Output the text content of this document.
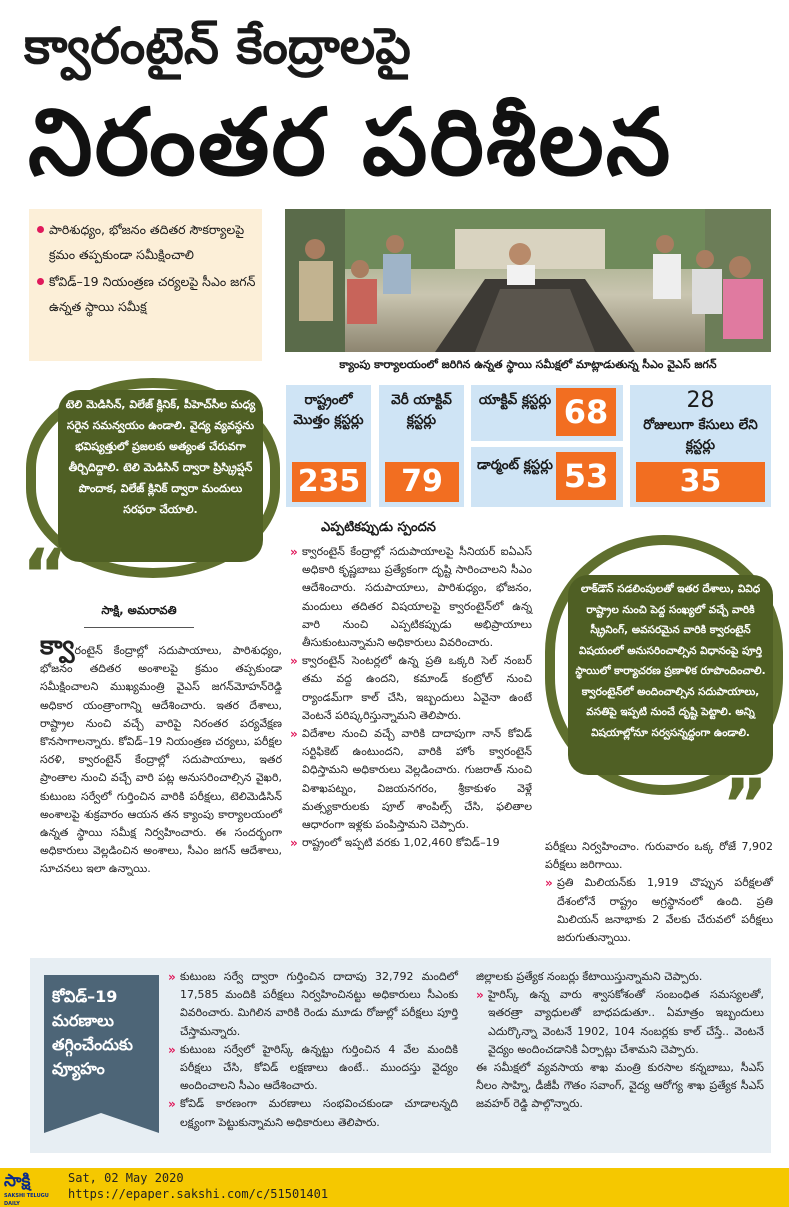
క్వారంటైన్ కేంద్రాలపై
నిరంతర పరిశీలన
పారిశుధ్యం, భోజనం తదితర సౌకర్యాలపై క్రమం తప్పకుండా సమీక్షించాలి
కోవిడ్‌–19 నియంత్రణ చర్యలపై సీఎం జగన్‌ ఉన్నత స్థాయి సమీక్ష
క్యాంపు కార్యాలయంలో జరిగిన ఉన్నత స్థాయి సమీక్షలో మాట్లాడుతున్న సీఎం వైఎస్‌ జగన్‌
రాష్ట్రంలో మొత్తం క్లస్టర్లు
235
వెరీ యాక్టివ్‌ క్లస్టర్లు
79
యాక్టివ్‌ క్లస్టర్లు 68
డార్మంట్‌ క్లస్టర్లు 53
28
రోజులుగా కేసులు లేని క్లస్టర్లు
35
టెలి మెడిసిన్, విలేజ్‌ క్లినిక్, పీహెచ్‌సీల మధ్య సరైన సమన్వయం ఉండాలి. వైద్య వ్యవస్థను భవిష్యత్తులో ప్రజలకు అత్యంత చేరువగా తీర్చిదిద్దాలి. టెలి మెడిసిన్‌ ద్వారా ప్రిస్క్రిప్షన్‌ పొందాక, విలేజ్‌ క్లినిక్‌ ద్వారా మందులు సరఫరా చేయాలి.
“	సాక్షి, అమరావతి
క్వారంటైన్‌ కేంద్రాల్లో సదుపాయాలు, పారిశుధ్యం, భోజనం తదితర అంశాలపై క్రమం తప్పకుండా సమీక్షించాలని ముఖ్యమంత్రి వైఎస్‌ జగన్‌మోహన్‌రెడ్డి అధికార యంత్రాంగాన్ని ఆదేశించారు. ఇతర దేశాలు, రాష్ట్రాల నుంచి వచ్చే వారిపై నిరంతర పర్యవేక్షణ కొనసాగాలన్నారు. కోవిడ్‌–19 నియంత్రణ చర్యలు, పరీక్షల సరళి, క్వారంటైన్‌ కేంద్రాల్లో సదుపాయాలు, ఇతర ప్రాంతాల నుంచి వచ్చే వారి పట్ల అనుసరించాల్సిన వైఖరి, కుటుంబ సర్వేలో గుర్తించిన వారికి పరీక్షలు, టెలిమెడిసిన్‌ అంశాలపై శుక్రవారం ఆయన తన క్యాంపు కార్యాలయంలో ఉన్నత స్థాయి సమీక్ష నిర్వహించారు. ఈ సందర్భంగా అధికారులు వెల్లడించిన అంశాలు, సీఎం జగన్‌ ఆదేశాలు, సూచనలు ఇలా ఉన్నాయి.
ఎప్పటికప్పుడు స్పందన
» క్వారంటైన్‌ కేంద్రాల్లో సదుపాయాలపై సీనియర్‌ ఐఏఎస్‌ అధికారి కృష్ణబాబు ప్రత్యేకంగా దృష్టి సారించాలని సీఎం ఆదేశించారు. సదుపాయాలు, పారిశుధ్యం, భోజనం, మందులు తదితర విషయాలపై క్వారంటైన్‌లో ఉన్న వారి నుంచి ఎప్పటికప్పుడు అభిప్రాయాలు తీసుకుంటున్నామని అధికారులు వివరించారు.
» క్వారంటైన్‌ సెంటర్లలో ఉన్న ప్రతి ఒక్కరి సెల్‌ నంబర్‌ తమ వద్ద ఉందని, కమాండ్‌ కంట్రోల్‌ నుంచి ర్యాండమ్‌గా కాల్‌ చేసి, ఇబ్బందులు ఏవైనా ఉంటే వెంటనే పరిష్కరిస్తున్నామని తెలిపారు.
» విదేశాల నుంచి వచ్చే వారికి దాదాపుగా నాన్‌ కోవిడ్‌ సర్టిఫికెట్‌ ఉంటుందని, వారికి హోం క్వారంటైన్‌ విధిస్తామని అధికారులు వెల్లడించారు. గుజరాత్‌ నుంచి విశాఖపట్నం, విజయనగరం, శ్రీకాకుళం వెళ్లే మత్స్యకారులకు పూల్‌ శాంపిల్స్‌ చేసి, ఫలితాల ఆధారంగా ఇళ్లకు పంపిస్తామని చెప్పారు.
» రాష్ట్రంలో ఇప్పటి వరకు 1,02,460 కోవిడ్‌–19
లాక్‌డౌన్‌ సడలింపులతో ఇతర దేశాలు, వివిధ రాష్ట్రాల నుంచి పెద్ద సంఖ్యలో వచ్చే వారికి స్క్రీనింగ్, అవసరమైన వారికి క్వారంటైన్‌ విషయంలో అనుసరించాల్సిన విధానంపై పూర్తి స్థాయిలో కార్యాచరణ ప్రణాళిక రూపొందించాలి. క్వారంటైన్‌లో అందించాల్సిన సదుపాయాలు, వసతిపై ఇప్పటి నుంచే దృష్టి పెట్టాలి. అన్ని విషయాల్లోనూ సర్వసన్నద్ధంగా ఉండాలి.
”
పరీక్షలు నిర్వహించాం. గురువారం ఒక్క రోజే 7,902 పరీక్షలు జరిగాయి.
» ప్రతి మిలియన్‌కు 1,919 చొప్పున పరీక్షలతో దేశంలోనే రాష్ట్రం అగ్రస్థానంలో ఉంది. ప్రతి మిలియన్‌ జనాభాకు 2 వేలకు చేరువలో పరీక్షలు జరుగుతున్నాయి.
కోవిడ్‌–19 మరణాలు తగ్గించేందుకు వ్యూహం
» కుటుంబ సర్వే ద్వారా గుర్తించిన దాదాపు 32,792 మందిలో 17,585 మందికి పరీక్షలు నిర్వహించినట్టు అధికారులు సీఎంకు వివరించారు. మిగిలిన వారికి రెండు మూడు రోజుల్లో పరీక్షలు పూర్తి చేస్తామన్నారు.
» కుటుంబ సర్వేలో హైరిస్క్‌ ఉన్నట్టు గుర్తించిన 4 వేల మందికి పరీక్షలు చేసి, కోవిడ్‌ లక్షణాలు ఉంటే.. ముందస్తు వైద్యం అందించాలని సీఎం ఆదేశించారు.
» కోవిడ్‌ కారణంగా మరణాలు సంభవించకుండా చూడాలన్నది లక్ష్యంగా పెట్టుకున్నామని అధికారులు తెలిపారు.
జిల్లాలకు ప్రత్యేక నంబర్లు కేటాయిస్తున్నామని చెప్పారు.
» హైరిస్క్‌ ఉన్న వారు శ్వాసకోశంతో సంబంధిత సమస్యలతో, ఇతరత్రా వ్యాధులతో బాధపడుతూ.. ఏమాత్రం ఇబ్బందులు ఎదుర్కొన్నా వెంటనే 1902, 104 నంబర్లకు కాల్‌ చేస్తే.. వెంటనే వైద్యం అందించడానికి ఏర్పాట్లు చేశామని చెప్పారు.
ఈ సమీక్షలో వ్యవసాయ శాఖ మంత్రి కురసాల కన్నబాబు, సీఎస్‌ నీలం సాహ్ని, డీజీపీ గౌతం సవాంగ్, వైద్య ఆరోగ్య శాఖ ప్రత్యేక సీఎస్‌ జవహర్‌ రెడ్డి పాల్గొన్నారు.
సాక్షి
SAKSHI TELUGU DAILY
Sat, 02 May 2020
https://epaper.sakshi.com/c/51501401
